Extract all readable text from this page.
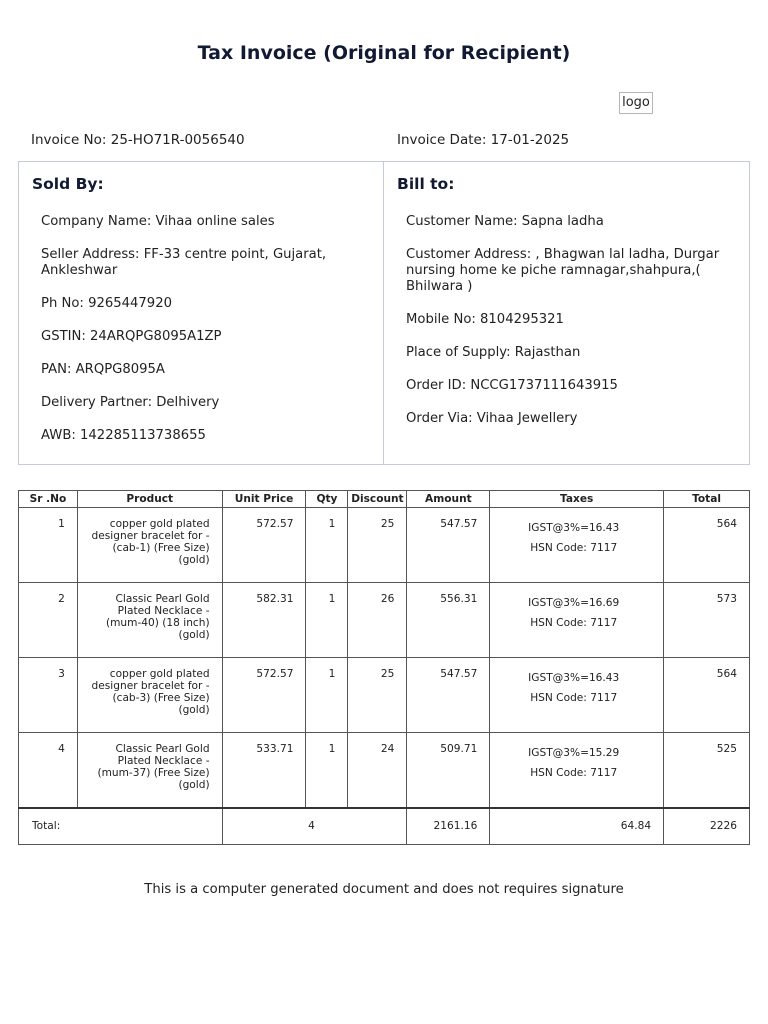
Tax Invoice (Original for Recipient)
logo
Invoice No: 25-HO71R-0056540	Invoice Date: 17-01-2025
Sold By:

Company Name: Vihaa online sales

Seller Address: FF-33 centre point, Gujarat, Ankleshwar

Ph No: 9265447920

GSTIN: 24ARQPG8095A1ZP

PAN: ARQPG8095A

Delivery Partner: Delhivery

AWB: 142285113738655

Bill to:

Customer Name: Sapna ladha

Customer Address: , Bhagwan lal ladha, Durgar nursing home ke piche ramnagar,shahpura,( Bhilwara )

Mobile No: 8104295321

Place of Supply: Rajasthan

Order ID: NCCG1737111643915

Order Via: Vihaa Jewellery

Sr .No	Product	Unit Price	Qty	Discount	Amount	Taxes	Total
1	copper gold plated designer bracelet for - (cab-1) (Free Size) (gold)	572.57	1	25	547.57	IGST@3%=16.43
HSN Code: 7117	564
2	Classic Pearl Gold Plated Necklace - (mum-40) (18 inch) (gold)	582.31	1	26	556.31	IGST@3%=16.69
HSN Code: 7117	573
3	copper gold plated designer bracelet for - (cab-3) (Free Size) (gold)	572.57	1	25	547.57	IGST@3%=16.43
HSN Code: 7117	564
4	Classic Pearl Gold Plated Necklace - (mum-37) (Free Size) (gold)	533.71	1	24	509.71	IGST@3%=15.29
HSN Code: 7117	525
Total:		4			2161.16	64.84	2226
This is a computer generated document and does not requires signature
